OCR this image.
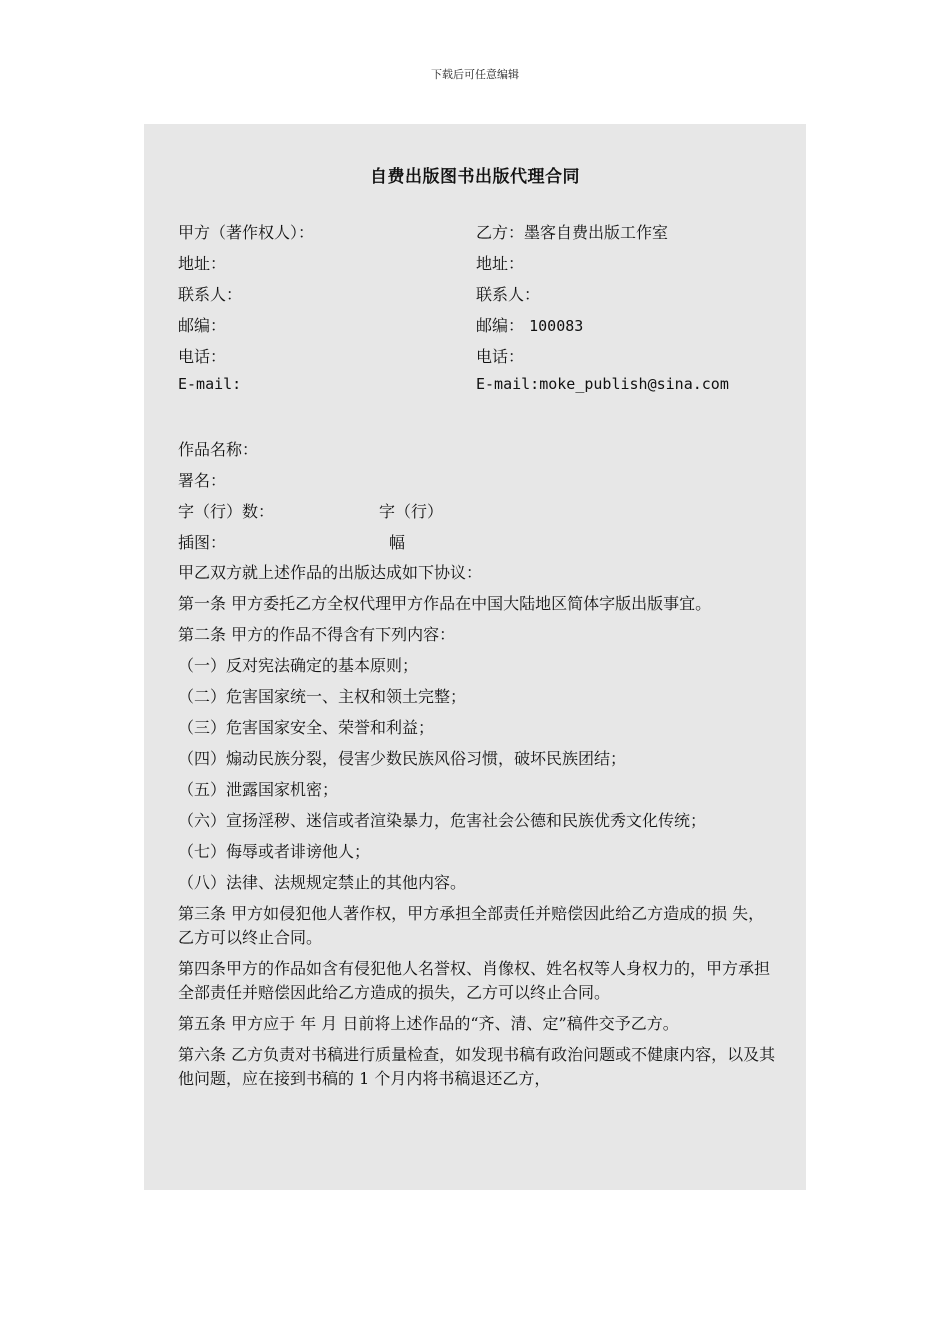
下载后可任意编辑
自费出版图书出版代理合同
甲方（著作权人）：	乙方：墨客自费出版工作室
地址：	地址：
联系人：	联系人：
邮编：	邮编： 100083
电话：	电话：
E-mail:	E-mail:moke_publish@sina.com
作品名称：
署名：
字（行）数：	字（行）
插图：	幅
甲乙双方就上述作品的出版达成如下协议：
第一条 甲方委托乙方全权代理甲方作品在中国大陆地区简体字版出版事宜。
第二条 甲方的作品不得含有下列内容：
（一）反对宪法确定的基本原则；
（二）危害国家统一、主权和领土完整；
（三）危害国家安全、荣誉和利益；
（四）煽动民族分裂，侵害少数民族风俗习惯，破坏民族团结；
（五）泄露国家机密；
（六）宣扬淫秽、迷信或者渲染暴力，危害社会公德和民族优秀文化传统；
（七）侮辱或者诽谤他人；
（八）法律、法规规定禁止的其他内容。
第三条 甲方如侵犯他人著作权，甲方承担全部责任并赔偿因此给乙方造成的损 失，乙方可以终止合同。
第四条甲方的作品如含有侵犯他人名誉权、肖像权、姓名权等人身权力的，甲方承担全部责任并赔偿因此给乙方造成的损失，乙方可以终止合同。
第五条 甲方应于 年 月 日前将上述作品的“齐、清、定”稿件交予乙方。
第六条 乙方负责对书稿进行质量检查，如发现书稿有政治问题或不健康内容，以及其他问题，应在接到书稿的 1 个月内将书稿退还乙方，
